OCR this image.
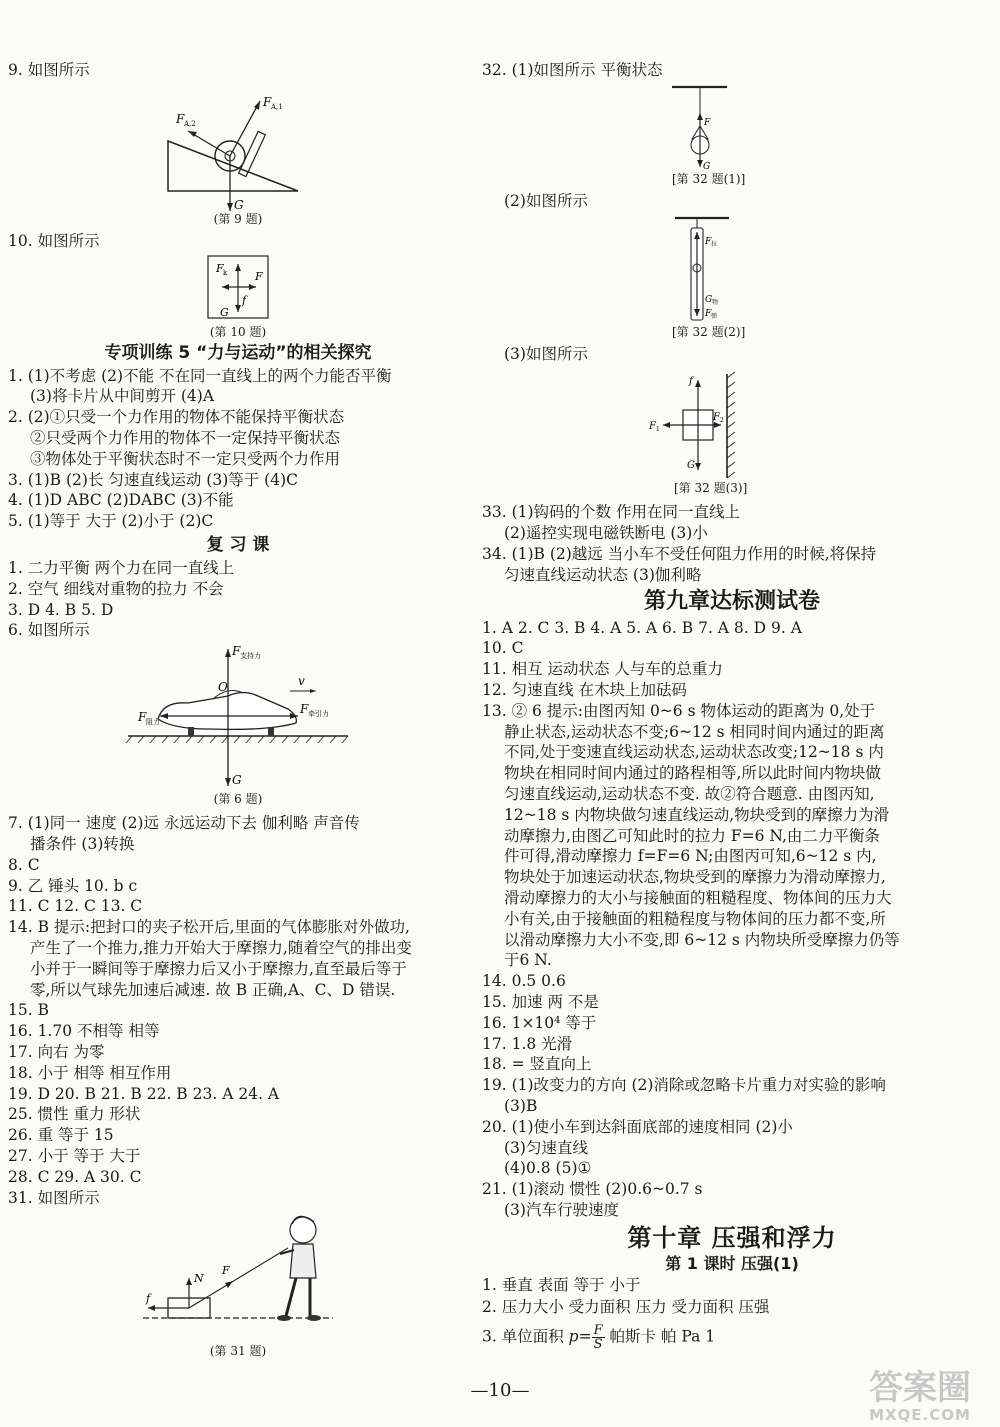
9. 如图所示
F A,1
F A,2
G
(第 9 题)
10. 如图所示
F k	F
f
G
(第 10 题)
专项训练 5 “力与运动”的相关探究
1. (1)不考虑 (2)不能 不在同一直线上的两个力能否平衡
(3)将卡片从中间剪开 (4)A
2. (2)①只受一个力作用的物体不能保持平衡状态
②只受两个力作用的物体不一定保持平衡状态
③物体处于平衡状态时不一定只受两个力作用
3. (1)B (2)长 匀速直线运动 (3)等于 (4)C
4. (1)D ABC (2)DABC (3)不能
5. (1)等于 大于 (2)小于 (2)C
复 习 课
1. 二力平衡 两个力在同一直线上
2. 空气 细线对重物的拉力 不会
3. D 4. B 5. D
6. 如图所示
F 支持力
O	v
F 阻力
F 牵引力
G
(第 6 题)
7. (1)同一 速度 (2)远 永远运动下去 伽利略 声音传
播条件 (3)转换
8. C
9. 乙 锤头 10. b c
11. C 12. C 13. C
14. B 提示:把封口的夹子松开后,里面的气体膨胀对外做功,
产生了一个推力,推力开始大于摩擦力,随着空气的排出变
小并于一瞬间等于摩擦力后又小于摩擦力,直至最后等于
零,所以气球先加速后减速. 故 B 正确,A、C、D 错误.
15. B
16. 1.70 不相等 相等
17. 向右 为零
18. 小于 相等 相互作用
19. D 20. B 21. B 22. B 23. A 24. A
25. 惯性 重力 形状
26. 重 等于 15
27. 小于 等于 大于
28. C 29. A 30. C
31. 如图所示
N
F
f
(第 31 题)
32. (1)如图所示 平衡状态
F
G
[第 32 题(1)]
(2)如图所示
F 拉
G 物
F 弹
[第 32 题(2)]
(3)如图所示
f
F 1
F 2
G
[第 32 题(3)]
33. (1)钩码的个数 作用在同一直线上
(2)遥控实现电磁铁断电 (3)小
34. (1)B (2)越远 当小车不受任何阻力作用的时候,将保持
匀速直线运动状态 (3)伽利略
第九章达标测试卷
1. A 2. C 3. B 4. A 5. A 6. B 7. A 8. D 9. A
10. C
11. 相互 运动状态 人与车的总重力
12. 匀速直线 在木块上加砝码
13. ② 6 提示:由图丙知 0~6 s 物体运动的距离为 0,处于
静止状态,运动状态不变;6~12 s 相同时间内通过的距离
不同,处于变速直线运动状态,运动状态改变;12~18 s 内
物块在相同时间内通过的路程相等,所以此时间内物块做
匀速直线运动,运动状态不变. 故②符合题意. 由图丙知,
12~18 s 内物块做匀速直线运动,物块受到的摩擦力为滑
动摩擦力,由图乙可知此时的拉力 F=6 N,由二力平衡条
件可得,滑动摩擦力 f=F=6 N;由图丙可知,6~12 s 内,
物块处于加速运动状态,物块受到的摩擦力为滑动摩擦力,
滑动摩擦力的大小与接触面的粗糙程度、物体间的压力大
小有关,由于接触面的粗糙程度与物体间的压力都不变,所
以滑动摩擦力大小不变,即 6~12 s 内物块所受摩擦力仍等
于6 N.
14. 0.5 0.6
15. 加速 两 不是
16. 1×10⁴ 等于
17. 1.8 光滑
18. = 竖直向上
19. (1)改变力的方向 (2)消除或忽略卡片重力对实验的影响
(3)B
20. (1)使小车到达斜面底部的速度相同 (2)小
(3)匀速直线
(4)0.8 (5)①
21. (1)滚动 惯性 (2)0.6~0.7 s
(3)汽车行驶速度
第十章 压强和浮力
第 1 课时 压强(1)
1. 垂直 表面 等于 小于
2. 压力大小 受力面积 压力 受力面积 压强
3. 单位面积 $p= \frac{F}{S}$ 帕斯卡 帕 Pa 1
—10—	答案圈
MXQE.COM
